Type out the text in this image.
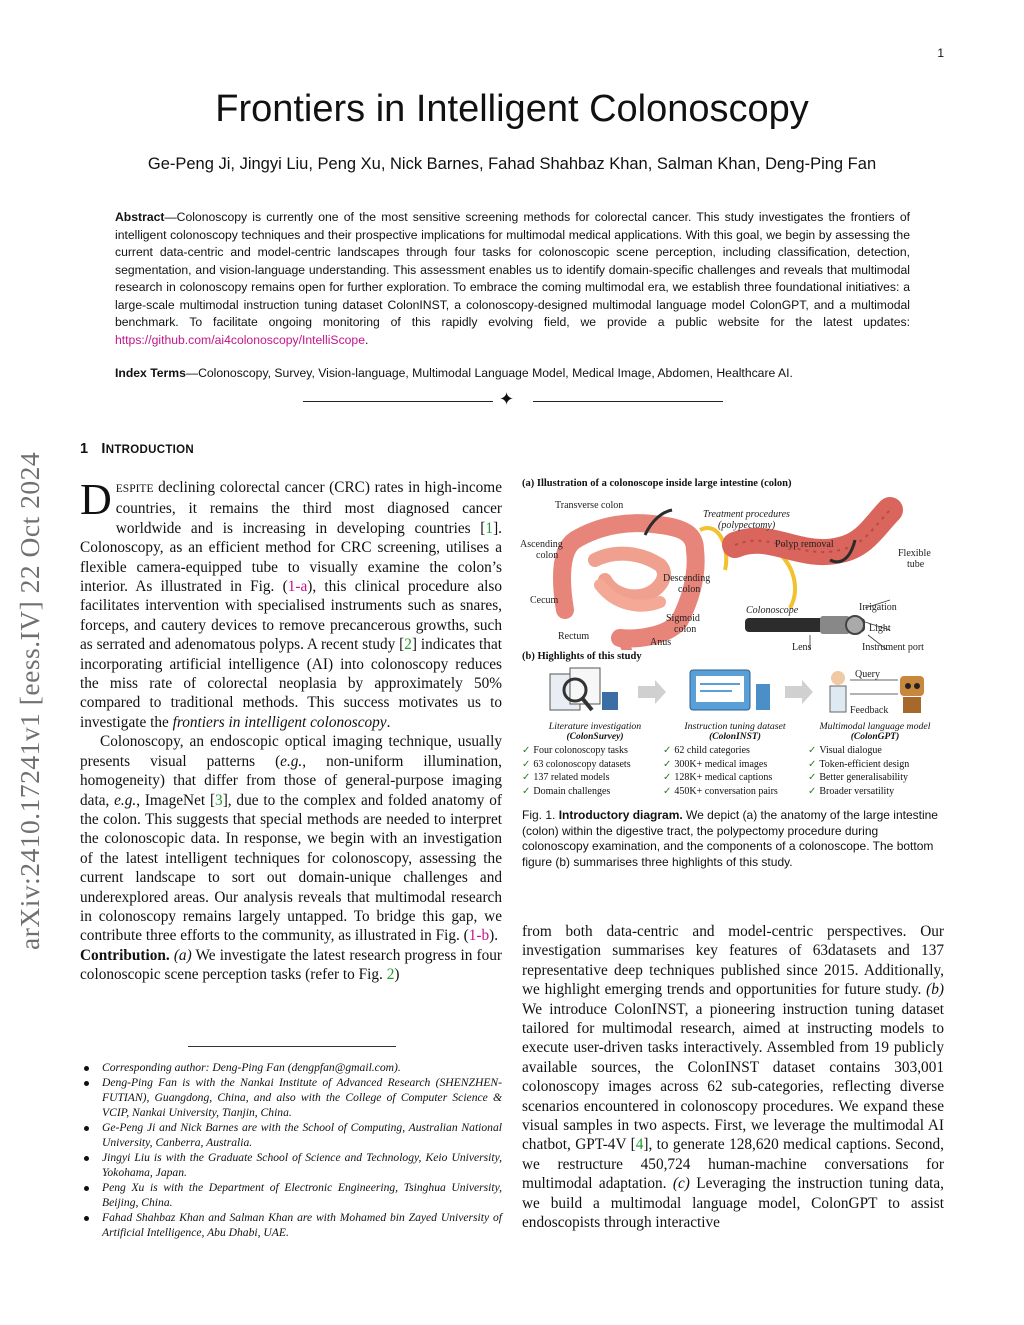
1
Frontiers in Intelligent Colonoscopy
Ge-Peng Ji, Jingyi Liu, Peng Xu, Nick Barnes, Fahad Shahbaz Khan, Salman Khan, Deng-Ping Fan
Abstract—Colonoscopy is currently one of the most sensitive screening methods for colorectal cancer. This study investigates the frontiers of intelligent colonoscopy techniques and their prospective implications for multimodal medical applications. With this goal, we begin by assessing the current data-centric and model-centric landscapes through four tasks for colonoscopic scene perception, including classification, detection, segmentation, and vision-language understanding. This assessment enables us to identify domain-specific challenges and reveals that multimodal research in colonoscopy remains open for further exploration. To embrace the coming multimodal era, we establish three foundational initiatives: a large-scale multimodal instruction tuning dataset ColonINST, a colonoscopy-designed multimodal language model ColonGPT, and a multimodal benchmark. To facilitate ongoing monitoring of this rapidly evolving field, we provide a public website for the latest updates: https://github.com/ai4colonoscopy/IntelliScope.
Index Terms—Colonoscopy, Survey, Vision-language, Multimodal Language Model, Medical Image, Abdomen, Healthcare AI.
✦
1 INTRODUCTION

DESPITE declining colorectal cancer (CRC) rates in high-income countries, it remains the third most diagnosed cancer worldwide and is increasing in developing countries [1]. Colonoscopy, as an efficient method for CRC screening, utilises a flexible camera-equipped tube to visually examine the colon’s interior. As illustrated in Fig. (1-a), this clinical procedure also facilitates intervention with specialised instruments such as snares, forceps, and cautery devices to remove precancerous growths, such as serrated and adenomatous polyps. A recent study [2] indicates that incorporating artificial intelligence (AI) into colonoscopy reduces the miss rate of colorectal neoplasia by approximately 50% compared to traditional methods. This success motivates us to investigate the frontiers in intelligent colonoscopy.

Colonoscopy, an endoscopic optical imaging technique, usually presents visual patterns (e.g., non-uniform illumination, homogeneity) that differ from those of general-purpose imaging data, e.g., ImageNet [3], due to the complex and folded anatomy of the colon. This suggests that special methods are needed to interpret the colonoscopic data. In response, we begin with an investigation of the latest intelligent techniques for colonoscopy, assessing the current landscape to sort out domain-unique challenges and underexplored areas. Our analysis reveals that multimodal research in colonoscopy remains largely untapped. To bridge this gap, we contribute three efforts to the community, as illustrated in Fig. (1-b).

Contribution. (a) We investigate the latest research progress in four colonoscopic scene perception tasks (refer to Fig. 2)

Corresponding author: Deng-Ping Fan (dengpfan@gmail.com).
Deng-Ping Fan is with the Nankai Institute of Advanced Research (SHENZHEN-FUTIAN), Guangdong, China, and also with the College of Computer Science & VCIP, Nankai University, Tianjin, China.
Ge-Peng Ji and Nick Barnes are with the School of Computing, Australian National University, Canberra, Australia.
Jingyi Liu is with the Graduate School of Science and Technology, Keio University, Yokohama, Japan.
Peng Xu is with the Department of Electronic Engineering, Tsinghua University, Beijing, China.
Fahad Shahbaz Khan and Salman Khan are with Mohamed bin Zayed University of Artificial Intelligence, Abu Dhabi, UAE.
arXiv:2410.17241v1 [eess.IV] 22 Oct 2024	(a) Illustration of a colonoscope inside large intestine (colon)
Transverse colon
Ascending
colon
Descending
colon
Cecum
Sigmoid
colon
Rectum
Anus
Treatment procedures
(polypectomy)
Polyp removal
Flexible
tube
Colonoscope	Irrigation
Light
Lens	Instrument port
(b) Highlights of this study
Query
Feedback
Literature investigation
(ColonSurvey)
Instruction tuning dataset
(ColonINST)
Multimodal language model
(ColonGPT)
✓ Four colonoscopy tasks
✓ 63 colonoscopy datasets
✓ 137 related models
✓ Domain challenges
✓ 62 child categories
✓ 300K+ medical images
✓ 128K+ medical captions
✓ 450K+ conversation pairs
✓ Visual dialogue
✓ Token-efficient design
✓ Better generalisability
✓ Broader versatility
Fig. 1. Introductory diagram. We depict (a) the anatomy of the large intestine (colon) within the digestive tract, the polypectomy procedure during colonoscopy examination, and the components of a colonoscope. The bottom figure (b) summarises three highlights of this study.

from both data-centric and model-centric perspectives. Our investigation summarises key features of 63datasets and 137 representative deep techniques published since 2015. Additionally, we highlight emerging trends and opportunities for future study. (b) We introduce ColonINST, a pioneering instruction tuning dataset tailored for multimodal research, aimed at instructing models to execute user-driven tasks interactively. Assembled from 19 publicly available sources, the ColonINST dataset contains 303,001 colonoscopy images across 62 sub-categories, reflecting diverse scenarios encountered in colonoscopy procedures. We expand these visual samples in two aspects. First, we leverage the multimodal AI chatbot, GPT-4V [4], to generate 128,620 medical captions. Second, we restructure 450,724 human-machine conversations for multimodal adaptation. (c) Leveraging the instruction tuning data, we build a multimodal language model, ColonGPT to assist endoscopists through interactive
